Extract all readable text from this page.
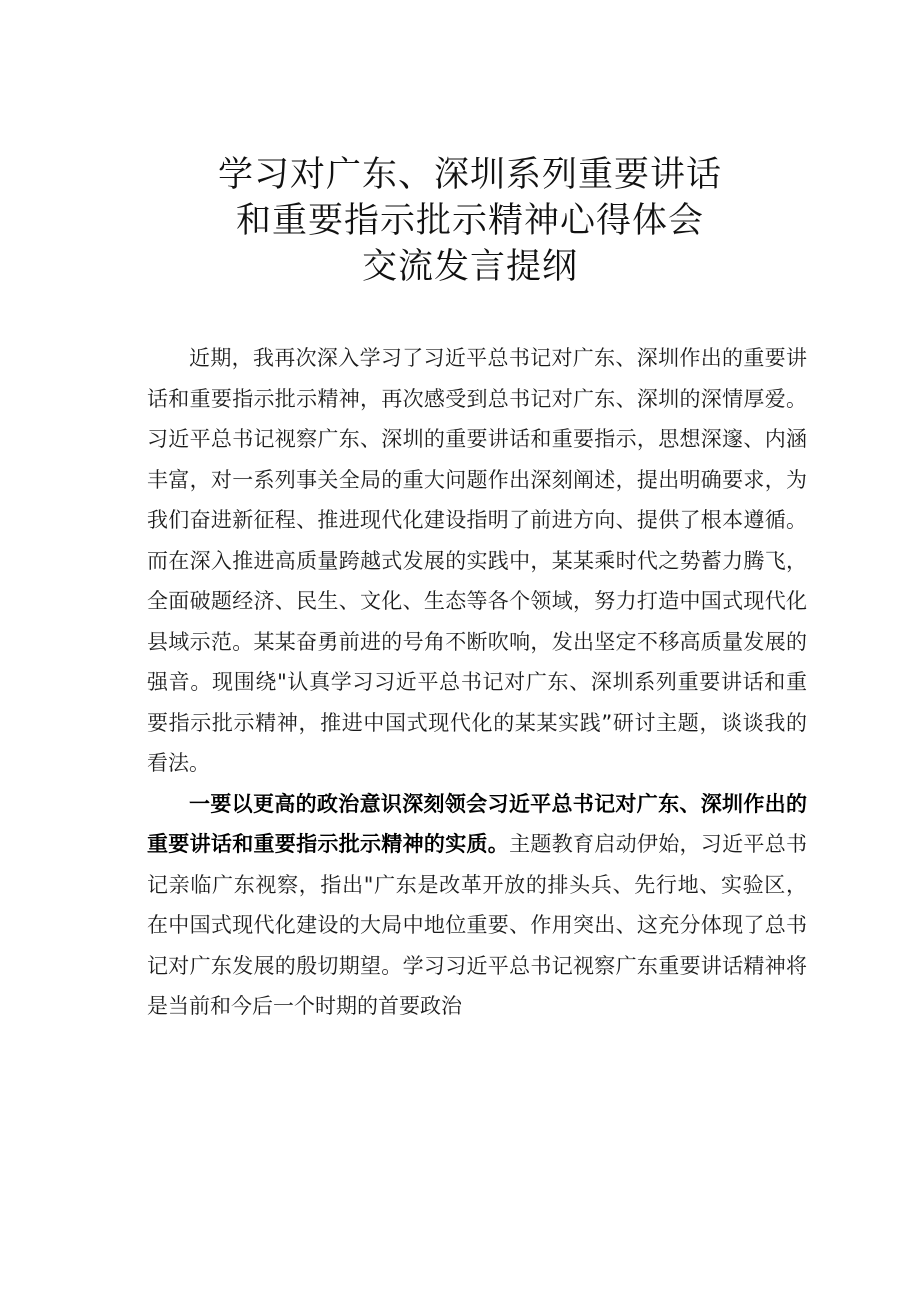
学习对广东、深圳系列重要讲话
和重要指示批示精神心得体会
交流发言提纲

近期，我再次深入学习了习近平总书记对广东、深圳作出的重要讲话和重要指示批示精神，再次感受到总书记对广东、深圳的深情厚爱。习近平总书记视察广东、深圳的重要讲话和重要指示，思想深邃、内涵丰富，对一系列事关全局的重大问题作出深刻阐述，提出明确要求，为我们奋进新征程、推进现代化建设指明了前进方向、提供了根本遵循。而在深入推进高质量跨越式发展的实践中，某某乘时代之势蓄力腾飞，全面破题经济、民生、文化、生态等各个领域，努力打造中国式现代化县域示范。某某奋勇前进的号角不断吹响，发出坚定不移高质量发展的强音。现围绕"认真学习习近平总书记对广东、深圳系列重要讲话和重要指示批示精神，推进中国式现代化的某某实践”研讨主题，谈谈我的看法。

一要以更高的政治意识深刻领会习近平总书记对广东、深圳作出的重要讲话和重要指示批示精神的实质。主题教育启动伊始，习近平总书记亲临广东视察，指出"广东是改革开放的排头兵、先行地、实验区，在中国式现代化建设的大局中地位重要、作用突出、这充分体现了总书记对广东发展的殷切期望。学习习近平总书记视察广东重要讲话精神将是当前和今后一个时期的首要政治
